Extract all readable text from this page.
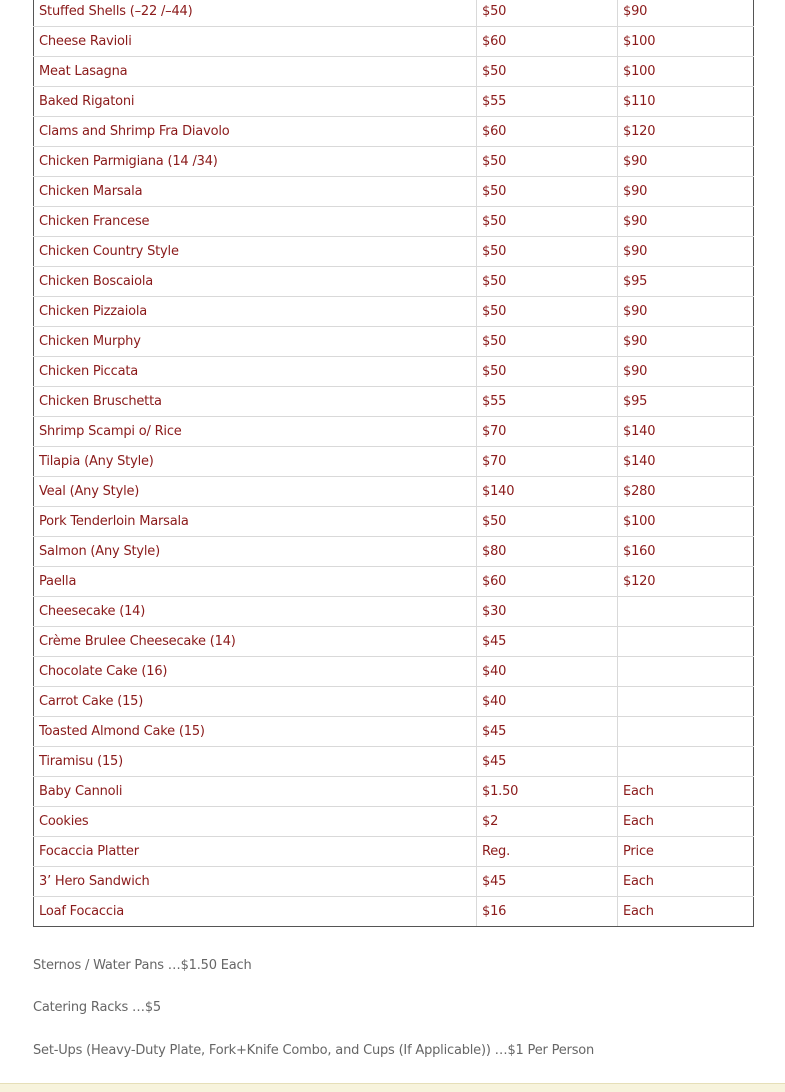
Stuffed Shells (–22 /–44)	$50	$90
Cheese Ravioli	$60	$100
Meat Lasagna	$50	$100
Baked Rigatoni	$55	$110
Clams and Shrimp Fra Diavolo	$60	$120
Chicken Parmigiana (14 /34)	$50	$90
Chicken Marsala	$50	$90
Chicken Francese	$50	$90
Chicken Country Style	$50	$90
Chicken Boscaiola	$50	$95
Chicken Pizzaiola	$50	$90
Chicken Murphy	$50	$90
Chicken Piccata	$50	$90
Chicken Bruschetta	$55	$95
Shrimp Scampi o/ Rice	$70	$140
Tilapia (Any Style)	$70	$140
Veal (Any Style)	$140	$280
Pork Tenderloin Marsala	$50	$100
Salmon (Any Style)	$80	$160
Paella	$60	$120
Cheesecake (14)	$30	
Crème Brulee Cheesecake (14)	$45	
Chocolate Cake (16)	$40	
Carrot Cake (15)	$40	
Toasted Almond Cake (15)	$45	
Tiramisu (15)	$45	
Baby Cannoli	$1.50	Each
Cookies	$2	Each
Focaccia Platter	Reg.	Price
3’ Hero Sandwich	$45	Each
Loaf Focaccia	$16	Each
Sternos / Water Pans …$1.50 Each
Catering Racks …$5
Set-Ups (Heavy-Duty Plate, Fork+Knife Combo, and Cups (If Applicable)) …$1 Per Person
